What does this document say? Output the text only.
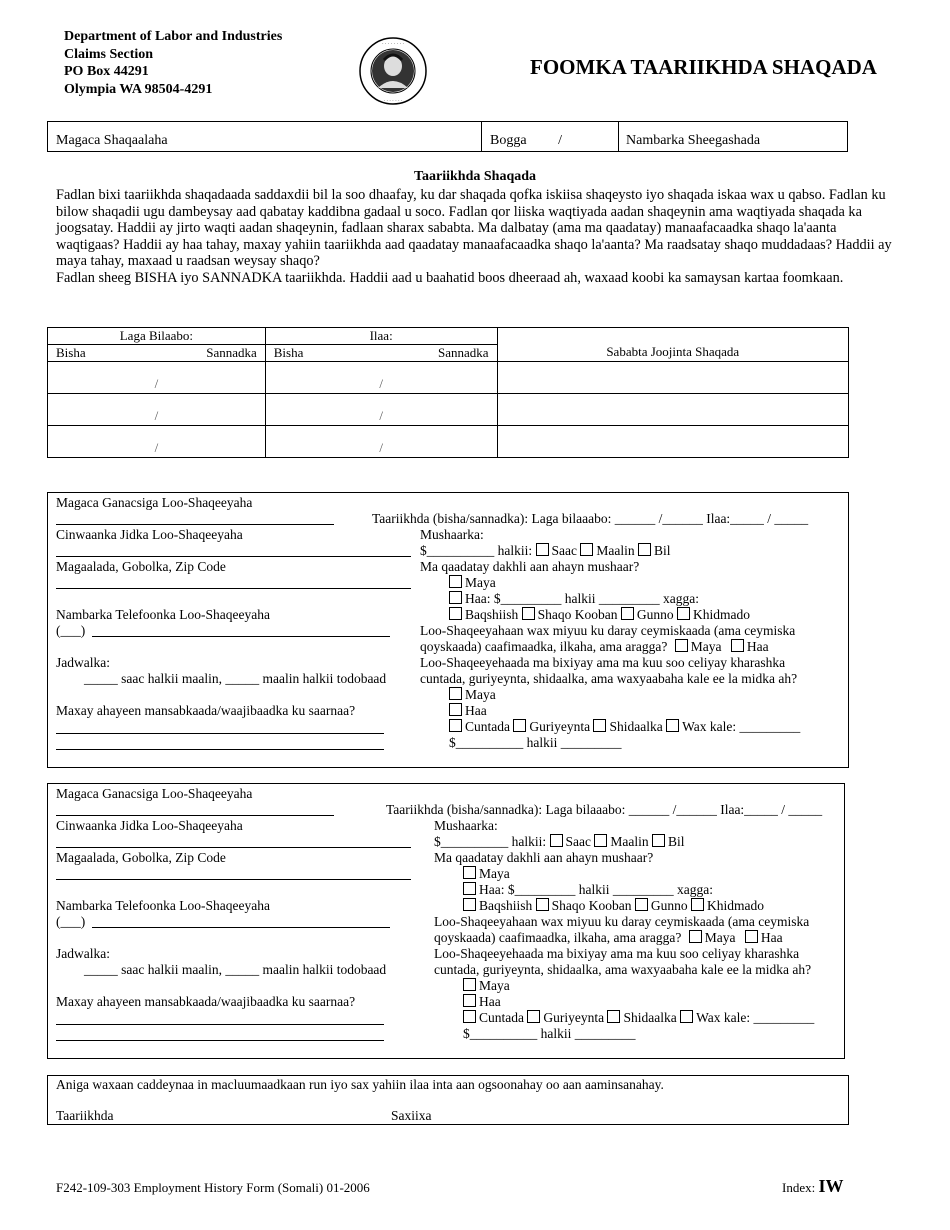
Department of Labor and Industries
Claims Section
PO Box 44291
Olympia WA 98504-4291
· · · · · · · ·
· · · · · · ·
FOOMKA TAARIIKHDA SHAQADA
Magaca Shaqaalaha	Bogga /	Nambarka Sheegashada
Taariikhda Shaqada

Fadlan bixi taariikhda shaqadaada saddaxdii bil la soo dhaafay, ku dar shaqada qofka iskiisa shaqeysto iyo shaqada iskaa wax u qabso. Fadlan ku bilow shaqadii ugu dambeysay aad qabatay kaddibna gadaal u soco. Fadlan qor liiska waqtiyada aadan shaqeynin ama waqtiyada shaqada ka joogsatay. Haddii ay jirto waqti aadan shaqeynin, fadlaan sharax sababta. Ma dalbatay (ama ma qaadatay) manaafacaadka shaqo la'aanta waqtigaas? Haddii ay haa tahay, maxay yahiin taariikhda aad qaadatay manaafacaadka shaqo la'aanta? Ma raadsatay shaqo muddadaas? Haddii ay maya tahay, maxaad u raadsan weysay shaqo?

Fadlan sheeg BISHA iyo SANNADKA taariikhda. Haddii aad u baahatid boos dheeraad ah, waxaad koobi ka samaysan kartaa foomkaan.

Laga Bilaabo:	Ilaa:	Sababta Joojinta Shaqada

Bisha Sannadka	Bisha Sannadka	

/	/	

/	/	

/	/	

Magaca Ganacsiga Loo-Shaqeeyaha
Cinwaanka Jidka Loo-Shaqeeyaha
Magaalada, Gobolka, Zip Code
Nambarka Telefoonka Loo-Shaqeeyaha
(___)
Jadwalka:
_____ saac halkii maalin, _____ maalin halkii todobaad
Maxay ahayeen mansabkaada/waajibaadka ku saarnaa?
Taariikhda (bisha/sannadka): Laga bilaaabo: ______ /______ Ilaa:_____ / _____
Mushaarka:
$__________ halkii: Saac Maalin Bil
Ma qaadatay dakhli aan ahayn mushaar?
Maya
Haa: $_________ halkii _________ xagga:
Baqshiish Shaqo Kooban Gunno Khidmado
Loo-Shaqeeyahaan wax miyuu ku daray ceymiskaada (ama ceymiska
qoyskaada) caafimaadka, ilkaha, ama aragga? Maya Haa
Loo-Shaqeeyehaada ma bixiyay ama ma kuu soo celiyay kharashka
cuntada, guriyeynta, shidaalka, ama waxyaabaha kale ee la midka ah?
Maya
Haa
Cuntada Guriyeynta Shidaalka Wax kale: _________
$__________ halkii _________
Magaca Ganacsiga Loo-Shaqeeyaha
Cinwaanka Jidka Loo-Shaqeeyaha
Magaalada, Gobolka, Zip Code
Nambarka Telefoonka Loo-Shaqeeyaha
(___)
Jadwalka:
_____ saac halkii maalin, _____ maalin halkii todobaad
Maxay ahayeen mansabkaada/waajibaadka ku saarnaa?
Taariikhda (bisha/sannadka): Laga bilaaabo: ______ /______ Ilaa:_____ / _____
Mushaarka:
$__________ halkii: Saac Maalin Bil
Ma qaadatay dakhli aan ahayn mushaar?
Maya
Haa: $_________ halkii _________ xagga:
Baqshiish Shaqo Kooban Gunno Khidmado
Loo-Shaqeeyahaan wax miyuu ku daray ceymiskaada (ama ceymiska
qoyskaada) caafimaadka, ilkaha, ama aragga? Maya Haa
Loo-Shaqeeyehaada ma bixiyay ama ma kuu soo celiyay kharashka
cuntada, guriyeynta, shidaalka, ama waxyaabaha kale ee la midka ah?
Maya
Haa
Cuntada Guriyeynta Shidaalka Wax kale: _________
$__________ halkii _________
Aniga waxaan caddeynaa in macluumaadkaan run iyo sax yahiin ilaa inta aan ogsoonahay oo aan aaminsanahay.
Taariikhda	Saxiixa
F242-109-303 Employment History Form (Somali) 01-2006	Index: IW
